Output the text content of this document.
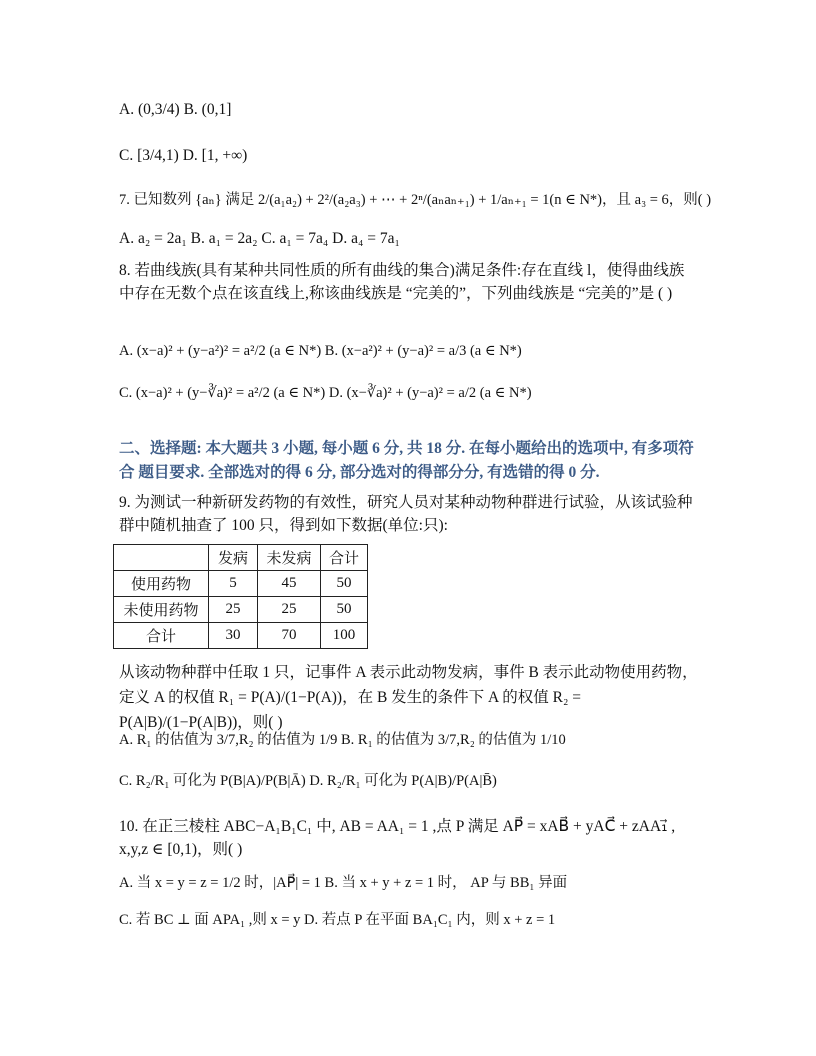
A. (0,3/4) B. (0,1]
C. [3/4,1) D. [1, +∞)
7. 已知数列 {aₙ} 满足 2/(a₁a₂) + 2²/(a₂a₃) + ⋯ + 2ⁿ/(aₙaₙ₊₁) + 1/aₙ₊₁ = 1(n ∈ N*)，且 a₃ = 6，则( )
A. a₂ = 2a₁ B. a₁ = 2a₂ C. a₁ = 7a₄ D. a₄ = 7a₁
8. 若曲线族(具有某种共同性质的所有曲线的集合)满足条件:存在直线 l，使得曲线族中存在无数个点在该直线上,称该曲线族是 “完美的”，下列曲线族是 “完美的”是 ( )
A. (x−a)² + (y−a²)² = a²/2 (a ∈ N*) B. (x−a²)² + (y−a)² = a/3 (a ∈ N*)
C. (x−a)² + (y−∛a)² = a²/2 (a ∈ N*) D. (x−∛a)² + (y−a)² = a/2 (a ∈ N*)
二、选择题: 本大题共 3 小题, 每小题 6 分, 共 18 分. 在每小题给出的选项中, 有多项符合 题目要求. 全部选对的得 6 分, 部分选对的得部分分, 有选错的得 0 分.
9. 为测试一种新研发药物的有效性，研究人员对某种动物种群进行试验，从该试验种群中随机抽查了 100 只，得到如下数据(单位:只):
	发病	未发病	合计
使用药物	5	45	50
未使用药物	25	25	50
合计	30	70	100
从该动物种群中任取 1 只，记事件 A 表示此动物发病，事件 B 表示此动物使用药物，定义 A 的权值 R₁ = P(A)/(1−P(A))，在 B 发生的条件下 A 的权值 R₂ = P(A|B)/(1−P(A|B))，则( )
A. R₁ 的估值为 3/7,R₂ 的估值为 1/9 B. R₁ 的估值为 3/7,R₂ 的估值为 1/10
C. R₂/R₁ 可化为 P(B|A)/P(B|Ā) D. R₂/R₁ 可化为 P(A|B)/P(A|B̄)
10. 在正三棱柱 ABC−A₁B₁C₁ 中, AB = AA₁ = 1 ,点 P 满足 AP⃗ = xAB⃗ + yAC⃗ + zAA₁⃗ , x,y,z ∈ [0,1)，则( )
A. 当 x = y = z = 1/2 时，|AP⃗| = 1 B. 当 x + y + z = 1 时， AP 与 BB₁ 异面
C. 若 BC ⊥ 面 APA₁ ,则 x = y D. 若点 P 在平面 BA₁C₁ 内，则 x + z = 1
